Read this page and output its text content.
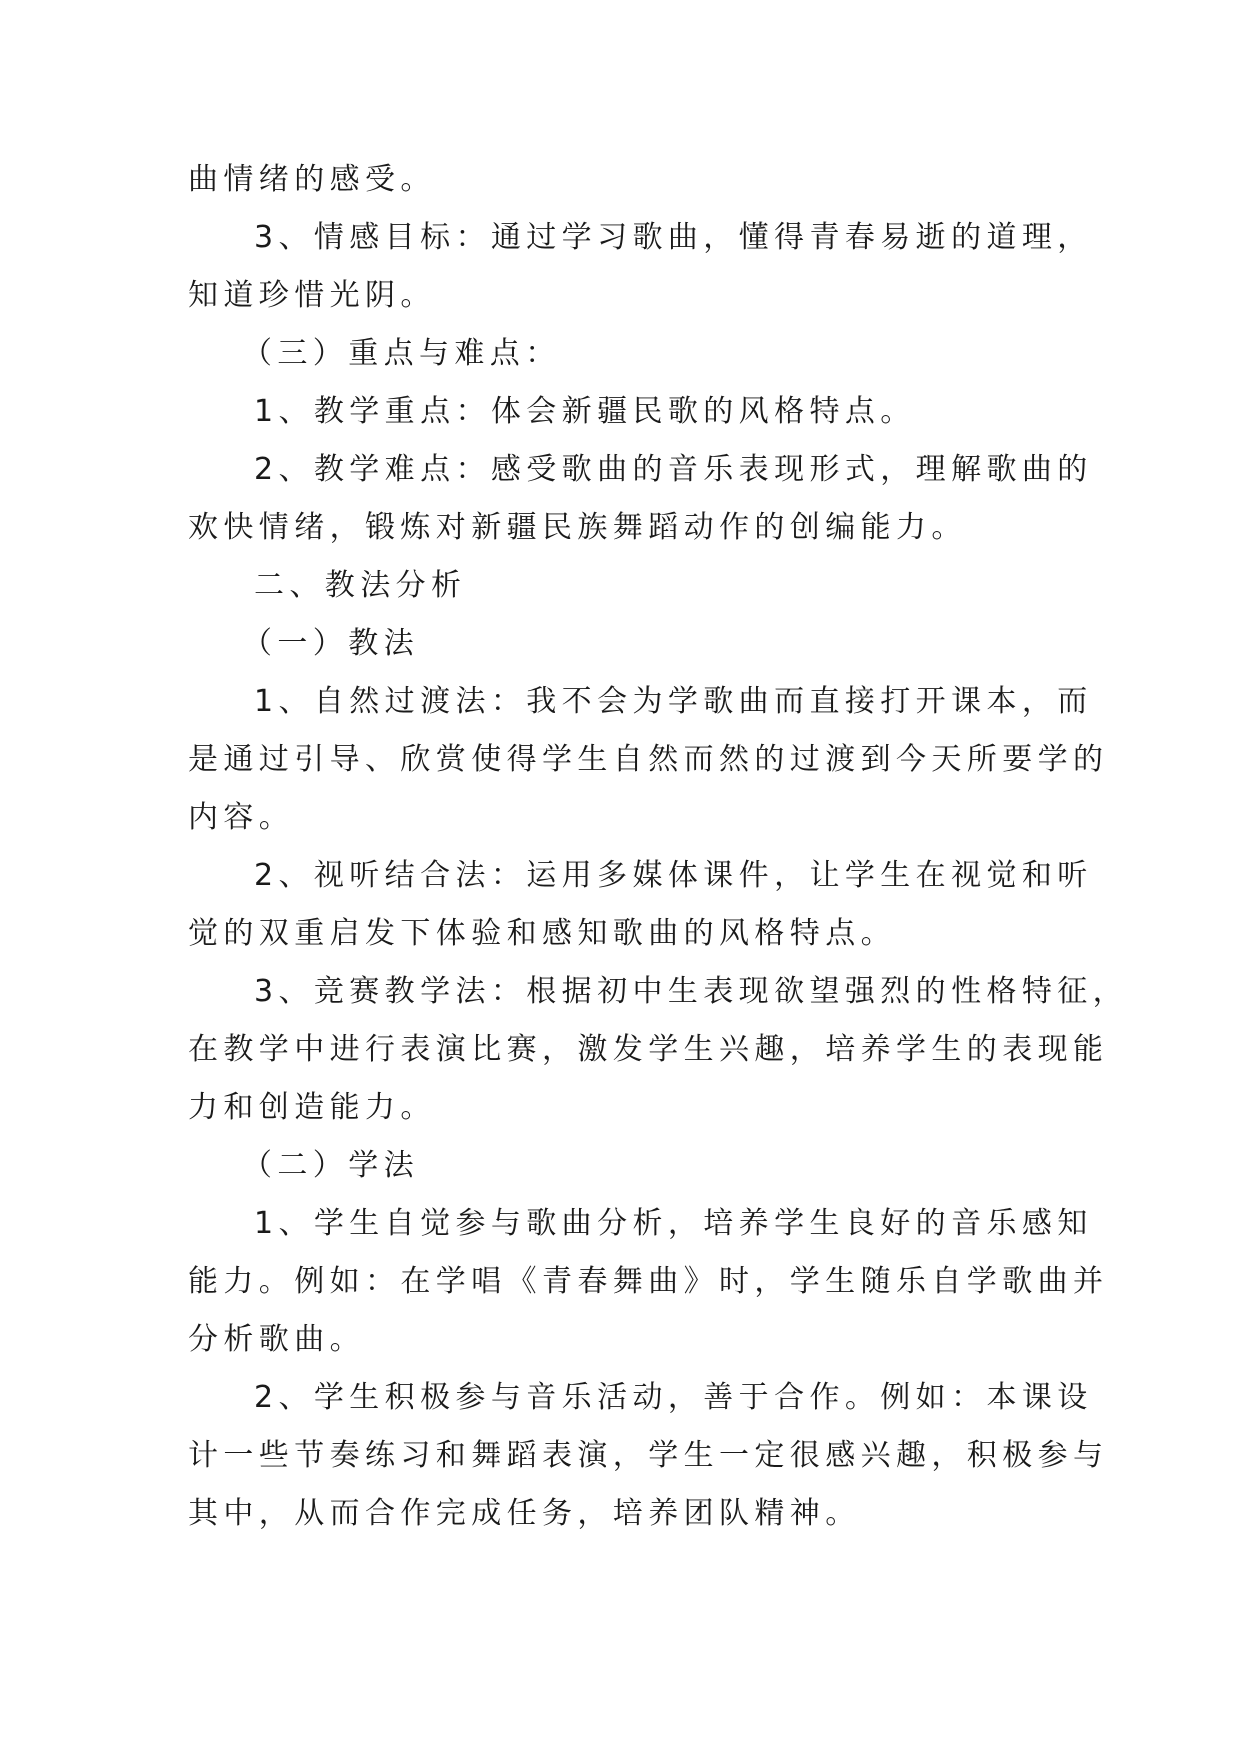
曲情绪的感受。
3、情感目标：通过学习歌曲，懂得青春易逝的道理，
知道珍惜光阴。
（三）重点与难点：
1、教学重点：体会新疆民歌的风格特点。
2、教学难点：感受歌曲的音乐表现形式，理解歌曲的
欢快情绪，锻炼对新疆民族舞蹈动作的创编能力。
二、教法分析
（一）教法
1、自然过渡法：我不会为学歌曲而直接打开课本，而
是通过引导、欣赏使得学生自然而然的过渡到今天所要学的
内容。
2、视听结合法：运用多媒体课件，让学生在视觉和听
觉的双重启发下体验和感知歌曲的风格特点。
3、竞赛教学法：根据初中生表现欲望强烈的性格特征，
在教学中进行表演比赛，激发学生兴趣，培养学生的表现能
力和创造能力。
（二）学法
1、学生自觉参与歌曲分析，培养学生良好的音乐感知
能力。例如：在学唱《青春舞曲》时，学生随乐自学歌曲并
分析歌曲。
2、学生积极参与音乐活动，善于合作。例如：本课设
计一些节奏练习和舞蹈表演，学生一定很感兴趣，积极参与
其中，从而合作完成任务，培养团队精神。
